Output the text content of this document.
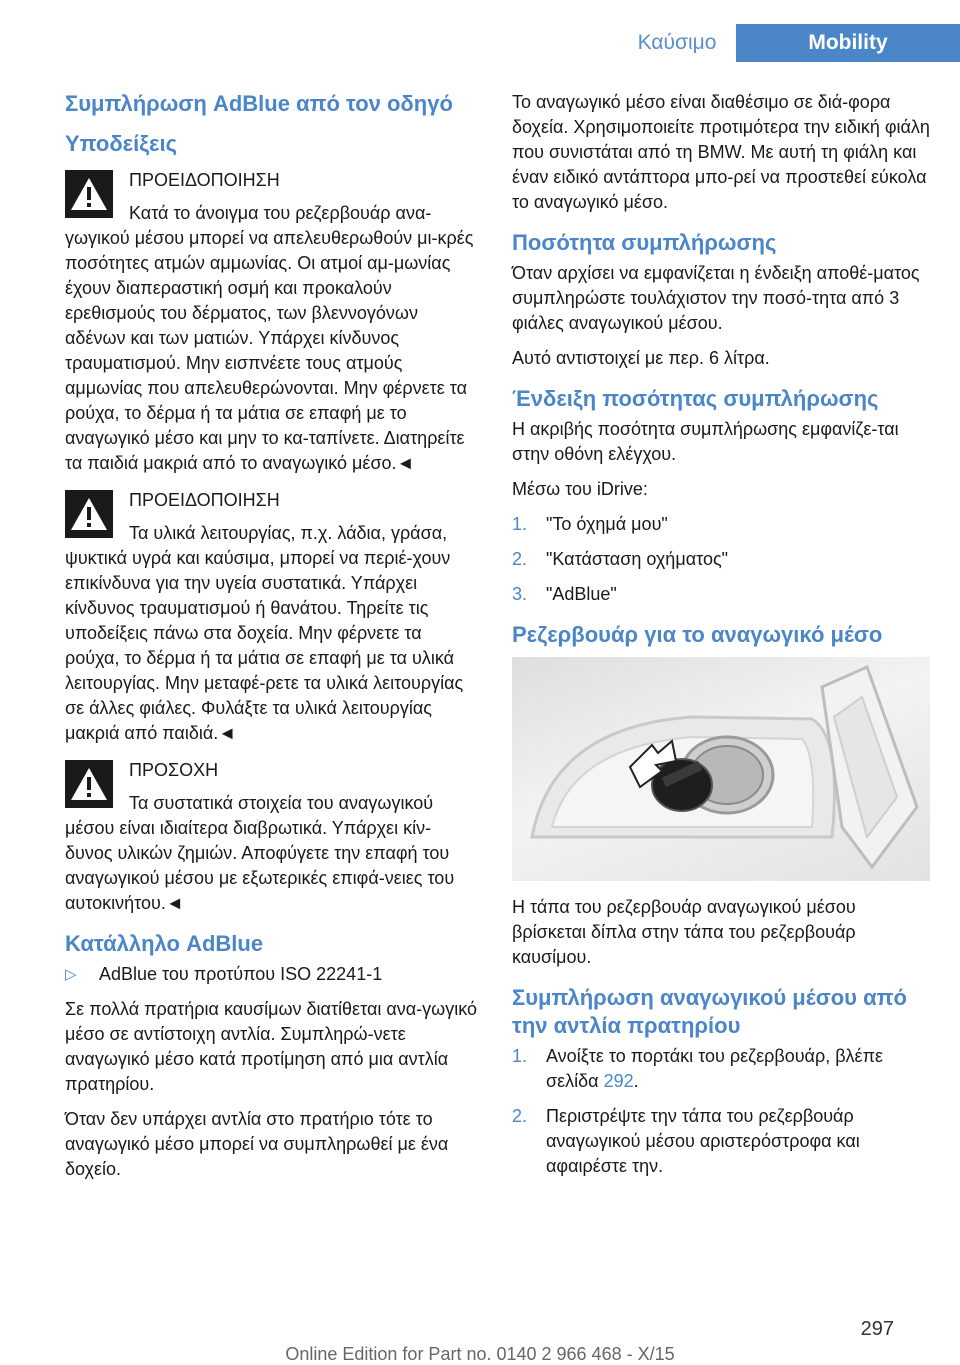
Καύσιμο	Mobility
Συμπλήρωση AdBlue από τον οδηγό
Υποδείξεις
ΠΡΟΕΙΔΟΠΟΙΗΣΗ
Κατά το άνοιγμα του ρεζερβουάρ ανα-γωγικού μέσου μπορεί να απελευθερωθούν μι-κρές ποσότητες ατμών αμμωνίας. Οι ατμοί αμ-μωνίας έχουν διαπεραστική οσμή και προκαλούν ερεθισμούς του δέρματος, των βλεννογόνων αδένων και των ματιών. Υπάρχει κίνδυνος τραυματισμού. Μην εισπνέετε τους ατμούς αμμωνίας που απελευθερώνονται. Μην φέρνετε τα ρούχα, το δέρμα ή τα μάτια σε επαφή με το αναγωγικό μέσο και μην το κα-ταπίνετε. Διατηρείτε τα παιδιά μακριά από το αναγωγικό μέσο.◄
ΠΡΟΕΙΔΟΠΟΙΗΣΗ
Τα υλικά λειτουργίας, π.χ. λάδια, γράσα, ψυκτικά υγρά και καύσιμα, μπορεί να περιέ-χουν επικίνδυνα για την υγεία συστατικά. Υπάρχει κίνδυνος τραυματισμού ή θανάτου. Τηρείτε τις υποδείξεις πάνω στα δοχεία. Μην φέρνετε τα ρούχα, το δέρμα ή τα μάτια σε επαφή με τα υλικά λειτουργίας. Μην μεταφέ-ρετε τα υλικά λειτουργίας σε άλλες φιάλες. Φυλάξτε τα υλικά λειτουργίας μακριά από παιδιά.◄
ΠΡΟΣΟΧΗ
Τα συστατικά στοιχεία του αναγωγικού μέσου είναι ιδιαίτερα διαβρωτικά. Υπάρχει κίν-δυνος υλικών ζημιών. Αποφύγετε την επαφή του αναγωγικού μέσου με εξωτερικές επιφά-νειες του αυτοκινήτου.◄
Κατάλληλο AdBlue
▷ AdBlue του προτύπου ISO 22241-1

Σε πολλά πρατήρια καυσίμων διατίθεται ανα-γωγικό μέσο σε αντίστοιχη αντλία. Συμπληρώ-νετε αναγωγικό μέσο κατά προτίμηση από μια αντλία πρατηρίου.

Όταν δεν υπάρχει αντλία στο πρατήριο τότε το αναγωγικό μέσο μπορεί να συμπληρωθεί με ένα δοχείο.

Το αναγωγικό μέσο είναι διαθέσιμο σε διά-φορα δοχεία. Χρησιμοποιείτε προτιμότερα την ειδική φιάλη που συνιστάται από τη BMW. Με αυτή τη φιάλη και έναν ειδικό αντάπτορα μπο-ρεί να προστεθεί εύκολα το αναγωγικό μέσο.

Ποσότητα συμπλήρωσης

Όταν αρχίσει να εμφανίζεται η ένδειξη αποθέ-ματος συμπληρώστε τουλάχιστον την ποσό-τητα από 3 φιάλες αναγωγικού μέσου.

Αυτό αντιστοιχεί με περ. 6 λίτρα.

Ένδειξη ποσότητας συμπλήρωσης

Η ακριβής ποσότητα συμπλήρωσης εμφανίζε-ται στην οθόνη ελέγχου.

Μέσω του iDrive:

1. "Το όχημά μου"
2. "Κατάσταση οχήματος"
3. "AdBlue"
Ρεζερβουάρ για το αναγωγικό μέσο

Η τάπα του ρεζερβουάρ αναγωγικού μέσου βρίσκεται δίπλα στην τάπα του ρεζερβουάρ καυσίμου.

Συμπλήρωση αναγωγικού μέσου από την αντλία πρατηρίου
1. Ανοίξτε το πορτάκι του ρεζερβουάρ, βλέπε σελίδα 292.
2. Περιστρέψτε την τάπα του ρεζερβουάρ αναγωγικού μέσου αριστερόστροφα και αφαιρέστε την.
297
Online Edition for Part no. 0140 2 966 468 - X/15
